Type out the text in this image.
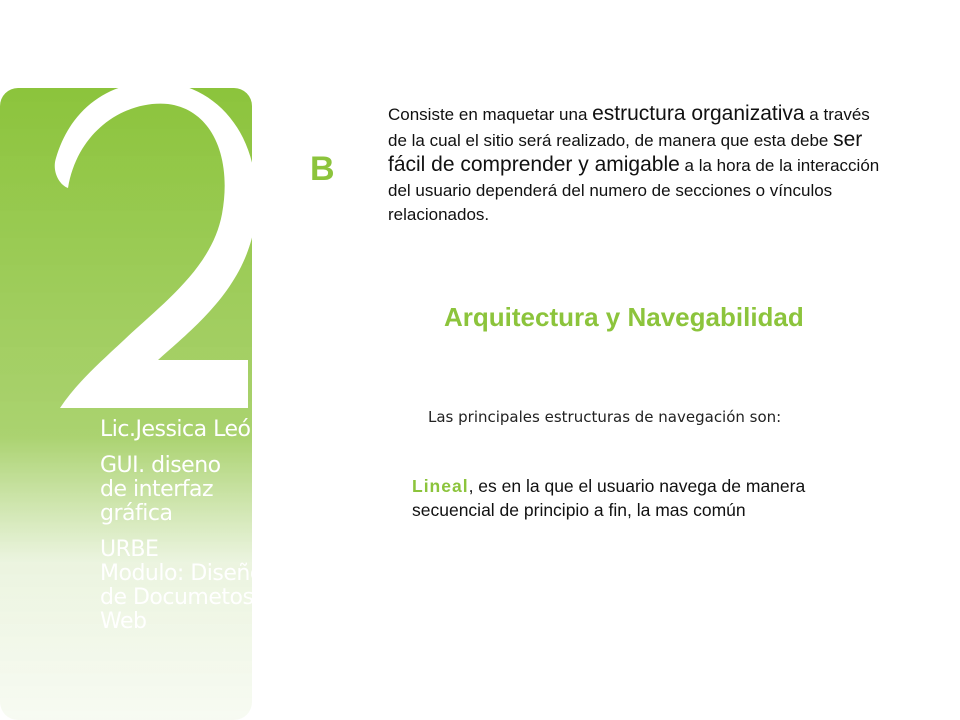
Lic.Jessica León
GUI. diseno
de interfaz
gráfica
URBE
Modulo: Diseño
de Documetos
Web
B
Consiste en maquetar una estructura organizativa a través de la cual el sitio será realizado, de manera que esta debe ser fácil de comprender y amigable a la hora de la interacción del usuario dependerá del numero de secciones o vínculos relacionados.
Arquitectura y Navegabilidad
Las principales estructuras de navegación son:
Lineal, es en la que el usuario navega de manera secuencial de principio a fin, la mas común
